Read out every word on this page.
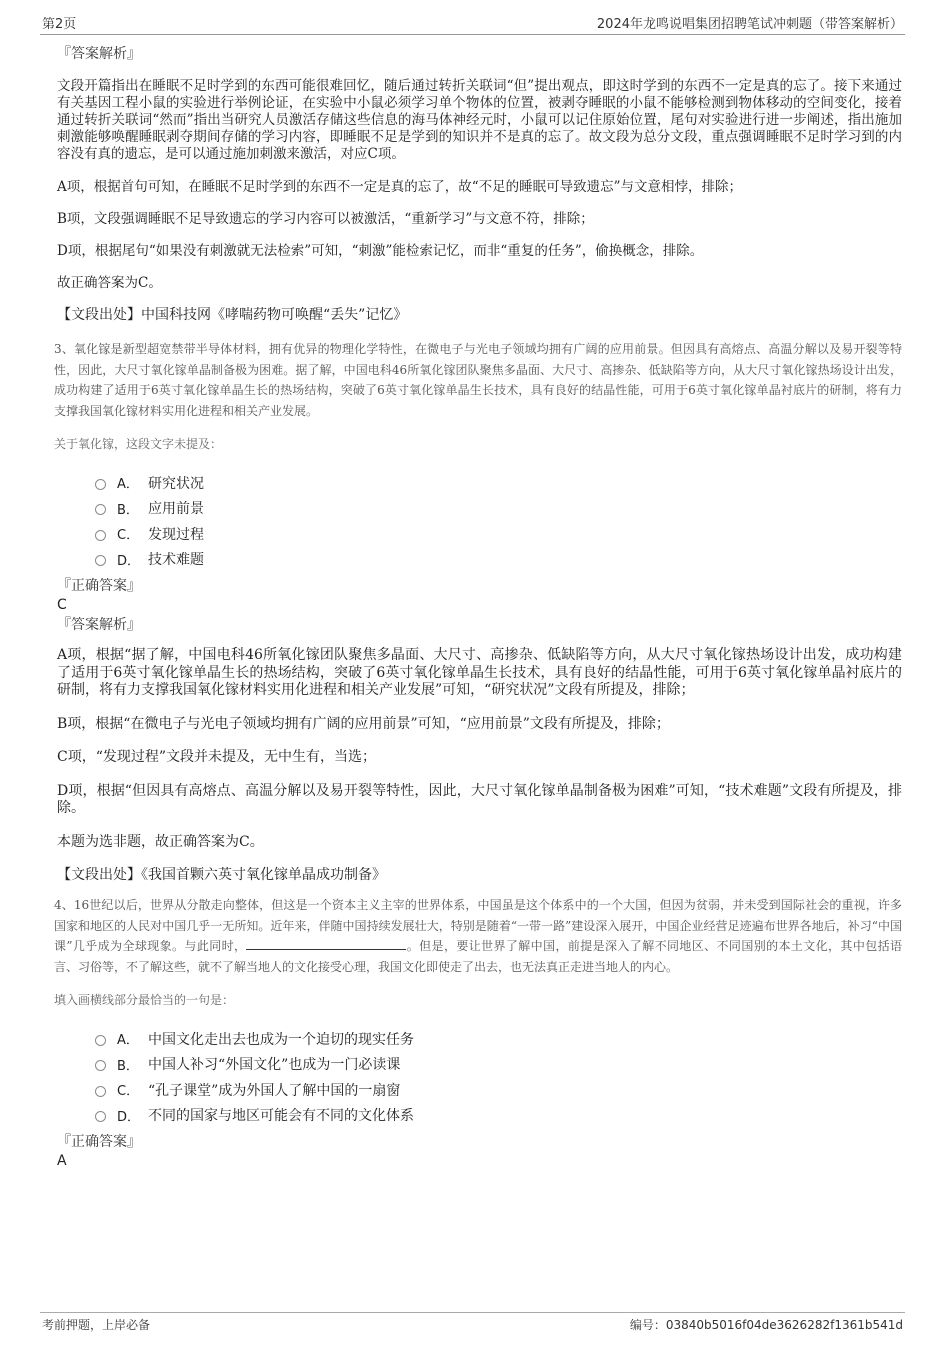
第2页	2024年龙鸣说唱集团招聘笔试冲刺题（带答案解析）
『答案解析』

文段开篇指出在睡眠不足时学到的东西可能很难回忆，随后通过转折关联词“但”提出观点，即这时学到的东西不一定是真的忘了。接下来通过有关基因工程小鼠的实验进行举例论证，在实验中小鼠必须学习单个物体的位置，被剥夺睡眠的小鼠不能够检测到物体移动的空间变化，接着通过转折关联词“然而”指出当研究人员激活存储这些信息的海马体神经元时，小鼠可以记住原始位置，尾句对实验进行进一步阐述，指出施加刺激能够唤醒睡眠剥夺期间存储的学习内容，即睡眠不足是学到的知识并不是真的忘了。故文段为总分文段，重点强调睡眠不足时学习到的内容没有真的遗忘，是可以通过施加刺激来激活，对应C项。

A项，根据首句可知，在睡眠不足时学到的东西不一定是真的忘了，故“不足的睡眠可导致遗忘”与文意相悖，排除；

B项，文段强调睡眠不足导致遗忘的学习内容可以被激活，“重新学习”与文意不符，排除；

D项，根据尾句“如果没有刺激就无法检索”可知，“刺激”能检索记忆，而非“重复的任务”，偷换概念，排除。

故正确答案为C。

【文段出处】中国科技网《哮喘药物可唤醒“丢失”记忆》
3、氧化镓是新型超宽禁带半导体材料，拥有优异的物理化学特性，在微电子与光电子领域均拥有广阔的应用前景。但因具有高熔点、高温分解以及易开裂等特性，因此，大尺寸氧化镓单晶制备极为困难。据了解，中国电科46所氧化镓团队聚焦多晶面、大尺寸、高掺杂、低缺陷等方向，从大尺寸氧化镓热场设计出发，成功构建了适用于6英寸氧化镓单晶生长的热场结构，突破了6英寸氧化镓单晶生长技术，具有良好的结晶性能，可用于6英寸氧化镓单晶衬底片的研制，将有力支撑我国氧化镓材料实用化进程和相关产业发展。
关于氧化镓，这段文字未提及：
A． 研究状况
B． 应用前景
C． 发现过程
D． 技术难题
『正确答案』
C
『答案解析』

A项，根据“据了解，中国电科46所氧化镓团队聚焦多晶面、大尺寸、高掺杂、低缺陷等方向，从大尺寸氧化镓热场设计出发，成功构建了适用于6英寸氧化镓单晶生长的热场结构，突破了6英寸氧化镓单晶生长技术，具有良好的结晶性能，可用于6英寸氧化镓单晶衬底片的研制，将有力支撑我国氧化镓材料实用化进程和相关产业发展”可知，“研究状况”文段有所提及，排除；

B项，根据“在微电子与光电子领域均拥有广阔的应用前景”可知，“应用前景”文段有所提及，排除；

C项，“发现过程”文段并未提及，无中生有，当选；

D项，根据“但因具有高熔点、高温分解以及易开裂等特性，因此，大尺寸氧化镓单晶制备极为困难”可知，“技术难题”文段有所提及，排除。

本题为选非题，故正确答案为C。

【文段出处】《我国首颗六英寸氧化镓单晶成功制备》
4、16世纪以后，世界从分散走向整体，但这是一个资本主义主宰的世界体系，中国虽是这个体系中的一个大国，但因为贫弱，并未受到国际社会的重视，许多国家和地区的人民对中国几乎一无所知。近年来，伴随中国持续发展壮大，特别是随着“一带一路”建设深入展开，中国企业经营足迹遍布世界各地后，补习“中国课”几乎成为全球现象。与此同时，	。但是，要让世界了解中国，前提是深入了解不同地区、不同国别的本土文化，其中包括语言、习俗等，不了解这些，就不了解当地人的文化接受心理，我国文化即使走了出去，也无法真正走进当地人的内心。
填入画横线部分最恰当的一句是：
A． 中国文化走出去也成为一个迫切的现实任务
B． 中国人补习“外国文化”也成为一门必读课
C． “孔子课堂”成为外国人了解中国的一扇窗
D． 不同的国家与地区可能会有不同的文化体系
『正确答案』
A
考前押题，上岸必备	编号：03840b5016f04de3626282f1361b541d
